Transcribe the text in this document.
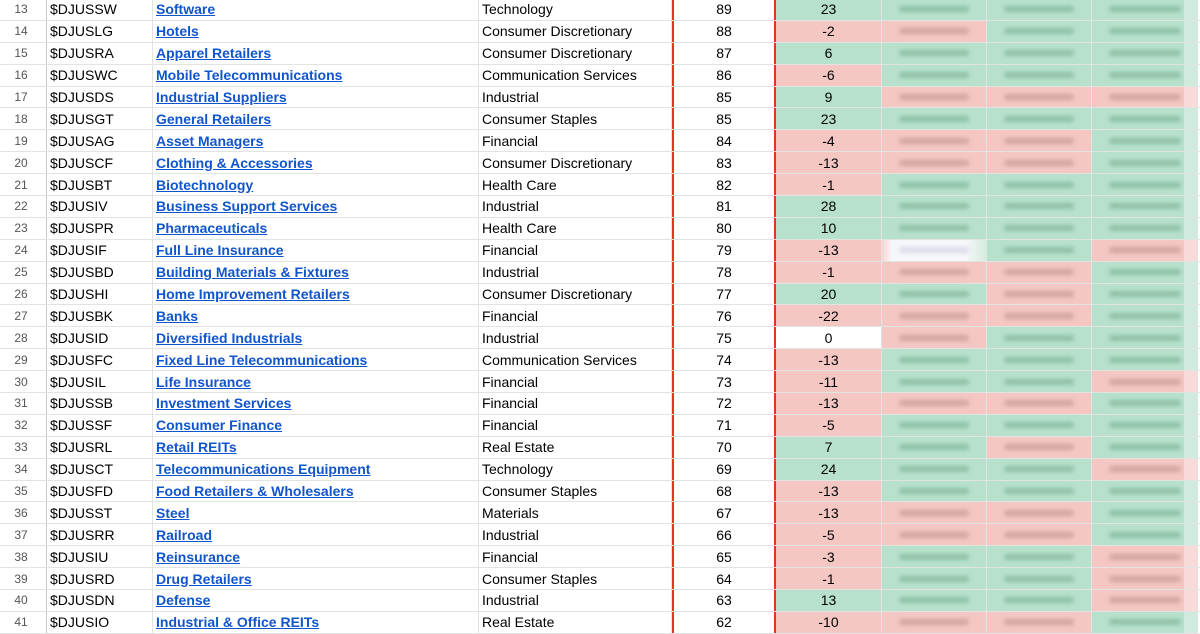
13 $DJUSSW	Software	Technology	89	23
14 $DJUSLG	Hotels	Consumer Discretionary	88	-2
15 $DJUSRA	Apparel Retailers	Consumer Discretionary	87	6
16 $DJUSWC	Mobile Telecommunications	Communication Services	86	-6
17 $DJUSDS	Industrial Suppliers	Industrial	85	9
18 $DJUSGT	General Retailers	Consumer Staples	85	23
19 $DJUSAG	Asset Managers	Financial	84	-4
20 $DJUSCF	Clothing & Accessories	Consumer Discretionary	83	-13
21 $DJUSBT	Biotechnology	Health Care	82	-1
22 $DJUSIV	Business Support Services	Industrial	81	28
23 $DJUSPR	Pharmaceuticals	Health Care	80	10
24 $DJUSIF	Full Line Insurance	Financial	79	-13
25 $DJUSBD	Building Materials & Fixtures	Industrial	78	-1
26 $DJUSHI	Home Improvement Retailers	Consumer Discretionary	77	20
27 $DJUSBK	Banks	Financial	76	-22
28 $DJUSID	Diversified Industrials	Industrial	75	0
29 $DJUSFC	Fixed Line Telecommunications	Communication Services	74	-13
30 $DJUSIL	Life Insurance	Financial	73	-11
31 $DJUSSB	Investment Services	Financial	72	-13
32 $DJUSSF	Consumer Finance	Financial	71	-5
33 $DJUSRL	Retail REITs	Real Estate	70	7
34 $DJUSCT	Telecommunications Equipment	Technology	69	24
35 $DJUSFD	Food Retailers & Wholesalers	Consumer Staples	68	-13
36 $DJUSST	Steel	Materials	67	-13
37 $DJUSRR	Railroad	Industrial	66	-5
38 $DJUSIU	Reinsurance	Financial	65	-3
39 $DJUSRD	Drug Retailers	Consumer Staples	64	-1
40 $DJUSDN	Defense	Industrial	63	13
41 $DJUSIO	Industrial & Office REITs	Real Estate	62	-10
